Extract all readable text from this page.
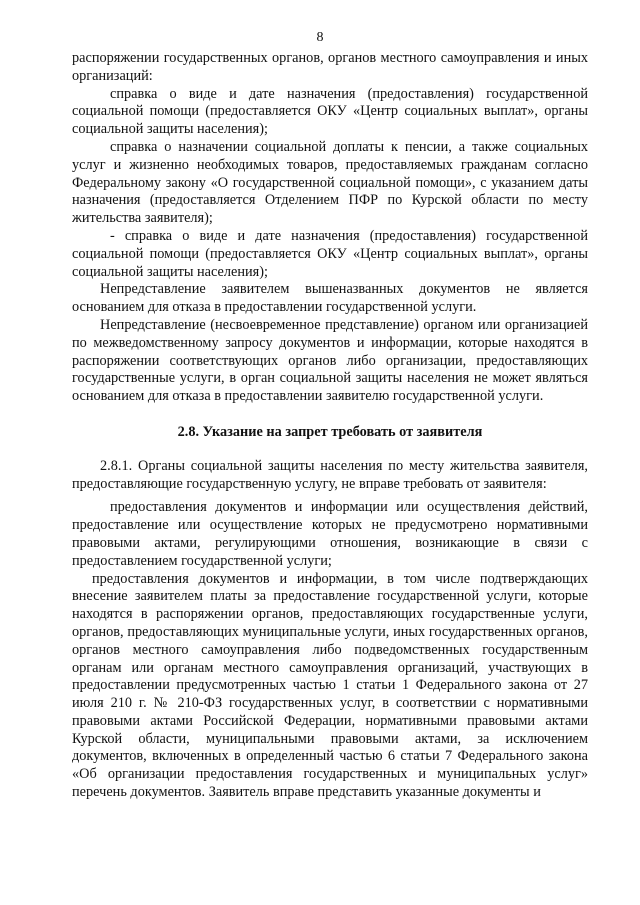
8

распоряжении государственных органов, органов местного самоуправления и иных организаций:

справка о виде и дате назначения (предоставления) государственной социальной помощи (предоставляется ОКУ «Центр социальных выплат», органы социальной защиты населения);

справка о назначении социальной доплаты к пенсии, а также социальных услуг и жизненно необходимых товаров, предоставляемых гражданам согласно Федеральному закону «О государственной социальной помощи», с указанием даты назначения (предоставляется Отделением ПФР по Курской области по месту жительства заявителя);

- справка о виде и дате назначения (предоставления) государственной социальной помощи (предоставляется ОКУ «Центр социальных выплат», органы социальной защиты населения);

Непредставление заявителем вышеназванных документов не является основанием для отказа в предоставлении государственной услуги.

Непредставление (несвоевременное представление) органом или организацией по межведомственному запросу документов и информации, которые находятся в распоряжении соответствующих органов либо организации, предоставляющих государственные услуги, в орган социальной защиты населения не может являться основанием для отказа в предоставлении заявителю государственной услуги.

2.8. Указание на запрет требовать от заявителя

2.8.1. Органы социальной защиты населения по месту жительства заявителя, предоставляющие государственную услугу, не вправе требовать от заявителя:

предоставления документов и информации или осуществления действий, предоставление или осуществление которых не предусмотрено нормативными правовыми актами, регулирующими отношения, возникающие в связи с предоставлением государственной услуги;

предоставления документов и информации, в том числе подтверждающих внесение заявителем платы за предоставление государственной услуги, которые находятся в распоряжении органов, предоставляющих государственные услуги, органов, предоставляющих муниципальные услуги, иных государственных органов, органов местного самоуправления либо подведомственных государственным органам или органам местного самоуправления организаций, участвующих в предоставлении предусмотренных частью 1 статьи 1 Федерального закона от 27 июля 210 г. № 210-ФЗ государственных услуг, в соответствии с нормативными правовыми актами Российской Федерации, нормативными правовыми актами Курской области, муниципальными правовыми актами, за исключением документов, включенных в определенный частью 6 статьи 7 Федерального закона «Об организации предоставления государственных и муниципальных услуг» перечень документов. Заявитель вправе представить указанные документы и
